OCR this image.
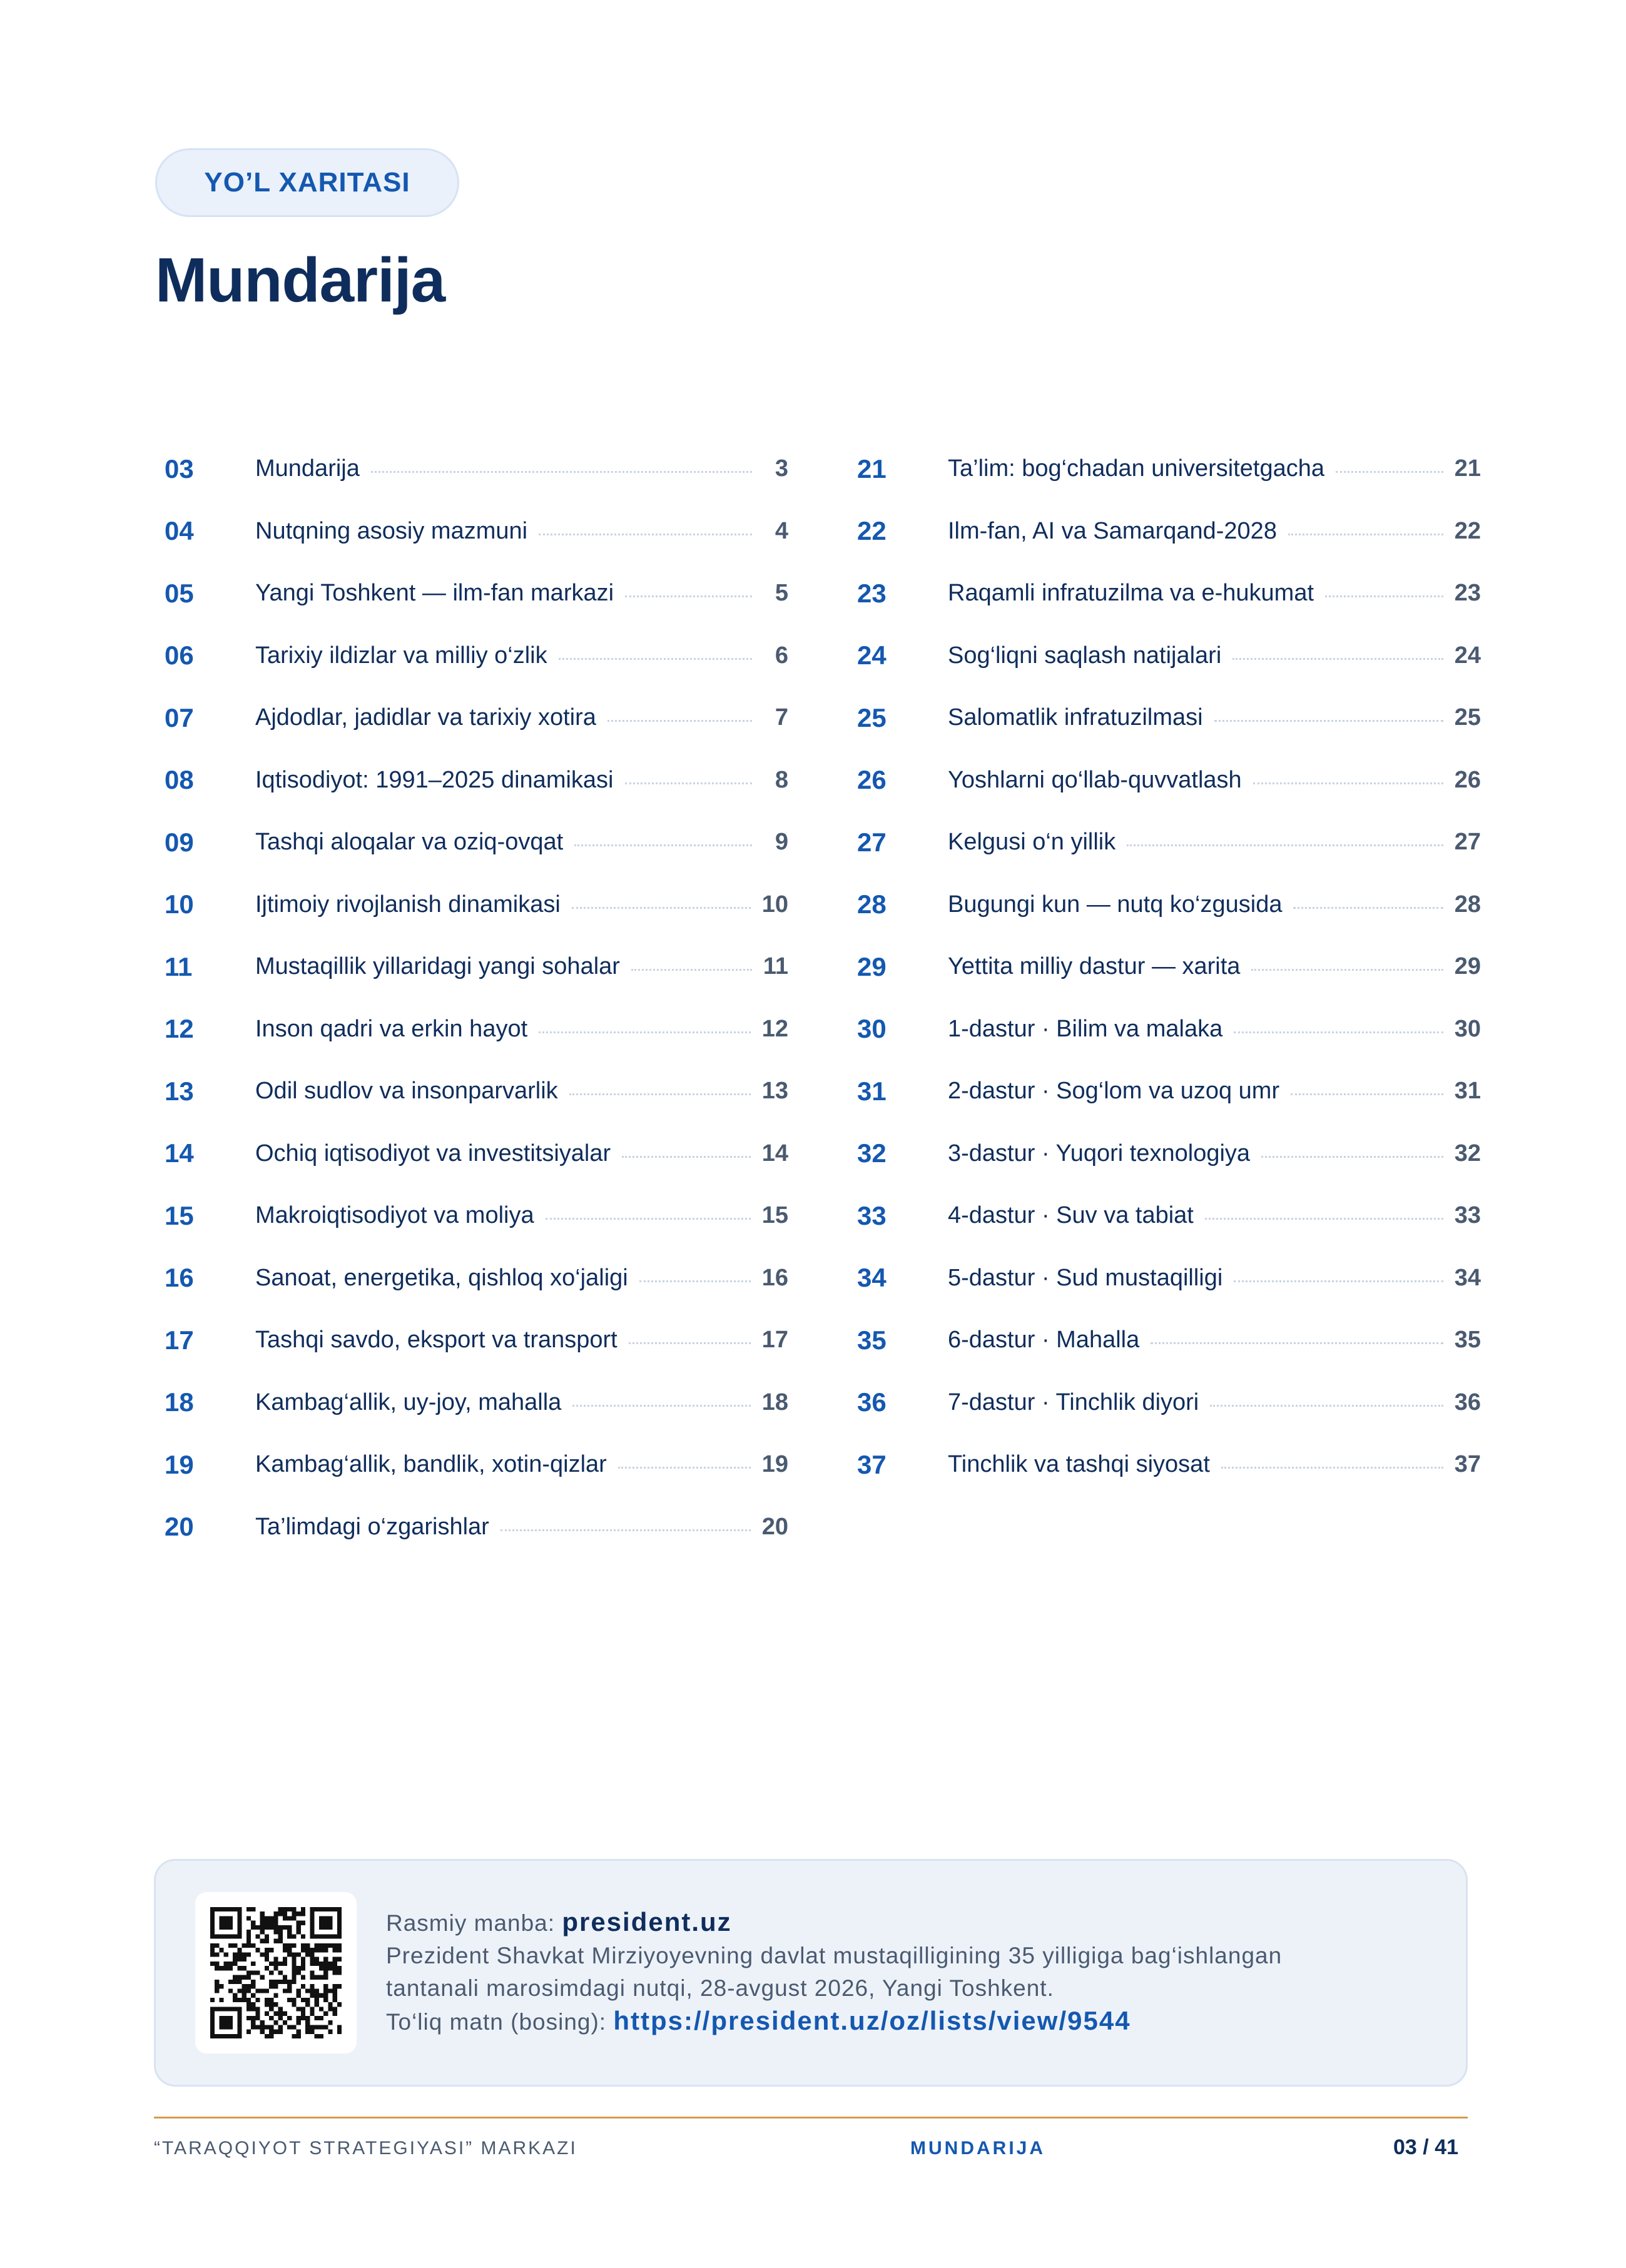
YO’L XARITASI
Mundarija
03	Mundarija	3
04	Nutqning asosiy mazmuni	4
05	Yangi Toshkent — ilm-fan markazi	5
06	Tarixiy ildizlar va milliy o‘zlik	6
07	Ajdodlar, jadidlar va tarixiy xotira	7
08	Iqtisodiyot: 1991–2025 dinamikasi	8
09	Tashqi aloqalar va oziq-ovqat	9
10	Ijtimoiy rivojlanish dinamikasi	10
11	Mustaqillik yillaridagi yangi sohalar	11
12	Inson qadri va erkin hayot	12
13	Odil sudlov va insonparvarlik	13
14	Ochiq iqtisodiyot va investitsiyalar	14
15	Makroiqtisodiyot va moliya	15
16	Sanoat, energetika, qishloq xo‘jaligi	16
17	Tashqi savdo, eksport va transport	17
18	Kambag‘allik, uy-joy, mahalla	18
19	Kambag‘allik, bandlik, xotin-qizlar	19
20	Ta’limdagi o‘zgarishlar	20
21	Ta’lim: bog‘chadan universitetgacha	21
22	Ilm-fan, AI va Samarqand-2028	22
23	Raqamli infratuzilma va e-hukumat	23
24	Sog‘liqni saqlash natijalari	24
25	Salomatlik infratuzilmasi	25
26	Yoshlarni qo‘llab-quvvatlash	26
27	Kelgusi o‘n yillik	27
28	Bugungi kun — nutq ko‘zgusida	28
29	Yettita milliy dastur — xarita	29
30	1-dastur · Bilim va malaka	30
31	2-dastur · Sog‘lom va uzoq umr	31
32	3-dastur · Yuqori texnologiya	32
33	4-dastur · Suv va tabiat	33
34	5-dastur · Sud mustaqilligi	34
35	6-dastur · Mahalla	35
36	7-dastur · Tinchlik diyori	36
37	Tinchlik va tashqi siyosat	37
Rasmiy manba: president.uz
Prezident Shavkat Mirziyoyevning davlat mustaqilligining 35 yilligiga bag‘ishlangan
tantanali marosimdagi nutqi, 28-avgust 2026, Yangi Toshkent.
To‘liq matn (bosing): https://president.uz/oz/lists/view/9544
“TARAQQIYOT STRATEGIYASI” MARKAZI	MUNDARIJA	03 / 41
